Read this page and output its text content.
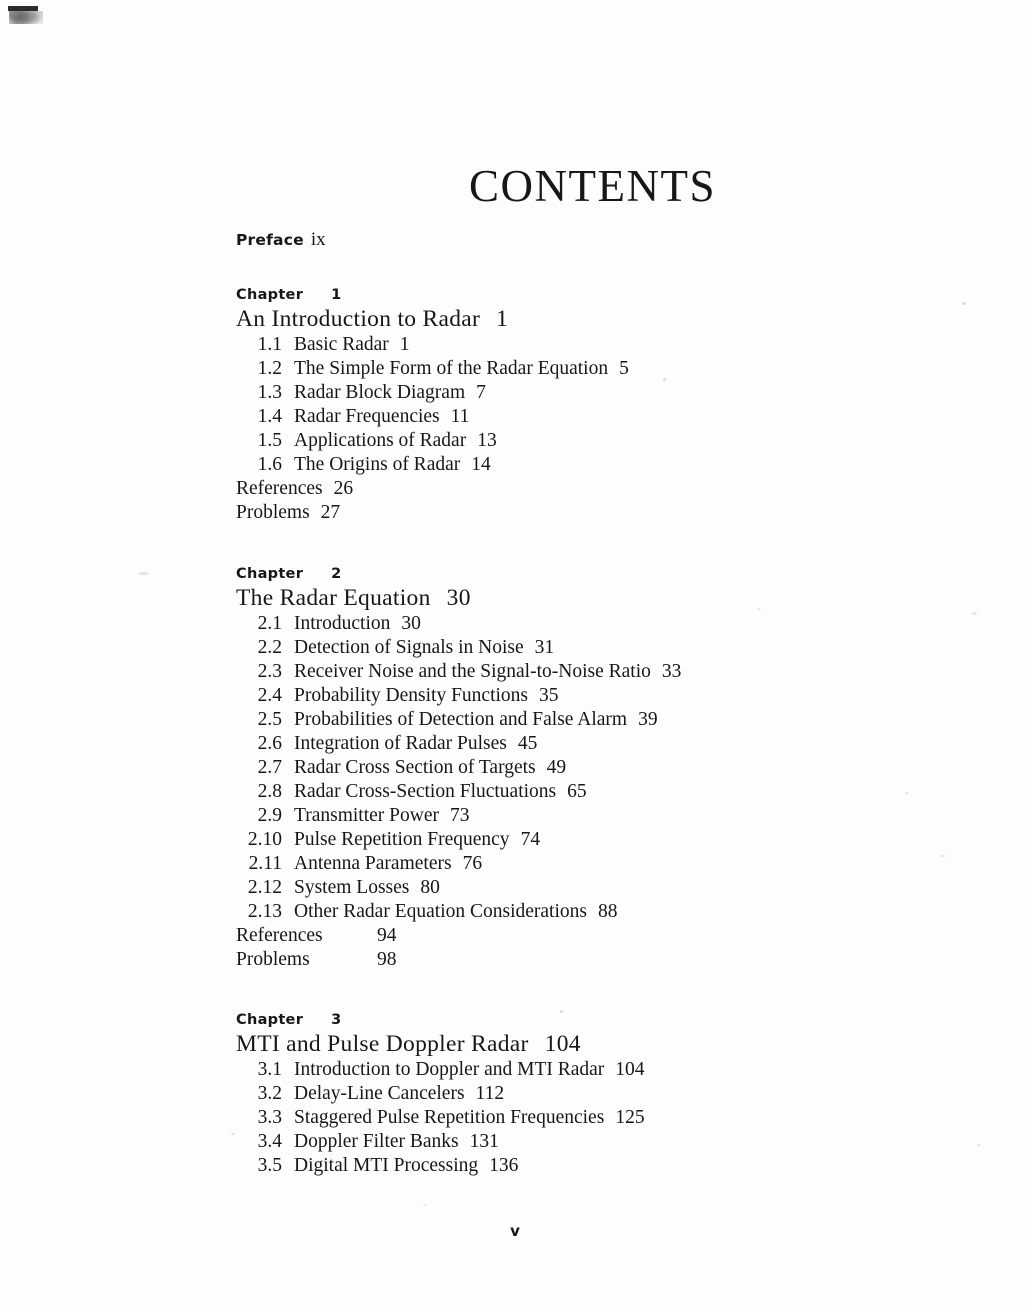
CONTENTS
Preface ix
Chapter 1
An Introduction to Radar 1
1.1 Basic Radar 1
1.2 The Simple Form of the Radar Equation 5
1.3 Radar Block Diagram 7
1.4 Radar Frequencies 11
1.5 Applications of Radar 13
1.6 The Origins of Radar 14
References 26
Problems 27
Chapter 2
The Radar Equation 30
2.1 Introduction 30
2.2 Detection of Signals in Noise 31
2.3 Receiver Noise and the Signal-to-Noise Ratio 33
2.4 Probability Density Functions 35
2.5 Probabilities of Detection and False Alarm 39
2.6 Integration of Radar Pulses 45
2.7 Radar Cross Section of Targets 49
2.8 Radar Cross-Section Fluctuations 65
2.9 Transmitter Power 73
2.10 Pulse Repetition Frequency 74
2.11 Antenna Parameters 76
2.12 System Losses 80
2.13 Other Radar Equation Considerations 88
References	94
Problems	98
Chapter 3
MTI and Pulse Doppler Radar 104
3.1 Introduction to Doppler and MTI Radar 104
3.2 Delay-Line Cancelers 112
3.3 Staggered Pulse Repetition Frequencies 125
3.4 Doppler Filter Banks 131
3.5 Digital MTI Processing 136
v
